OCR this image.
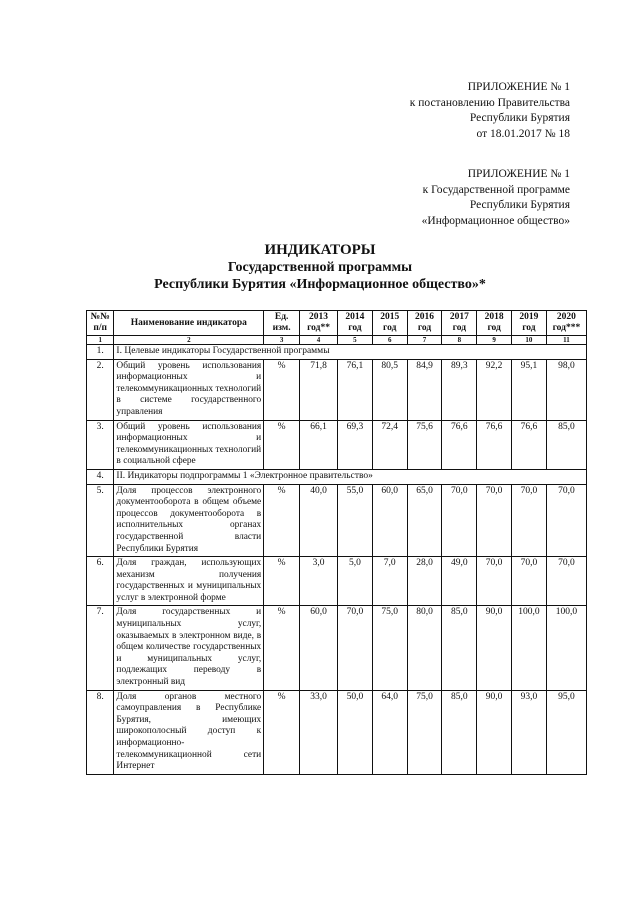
ПРИЛОЖЕНИЕ № 1
к постановлению Правительства
Республики Бурятия
от 18.01.2017 № 18
ПРИЛОЖЕНИЕ № 1
к Государственной программе
Республики Бурятия
«Информационное общество»
ИНДИКАТОРЫ
Государственной программы
Республики Бурятия «Информационное общество»*
№№ п/п	Наименование индикатора	Ед. изм.	2013 год**	2014 год	2015 год	2016 год	2017 год	2018 год	2019 год	2020 год***
1	2	3	4	5	6	7	8	9	10	11
1.	I. Целевые индикаторы Государственной программы									
2.	Общий уровень использования информационных и телекоммуникационных технологий в системе государственного управления	%	71,8	76,1	80,5	84,9	89,3	92,2	95,1	98,0
3.	Общий уровень использования информационных и телекоммуникационных технологий в социальной сфере	%	66,1	69,3	72,4	75,6	76,6	76,6	76,6	85,0
4.	II. Индикаторы подпрограммы 1 «Электронное правительство»									
5.	Доля процессов электронного документооборота в общем объеме процессов документооборота в исполнительных органах государственной власти Республики Бурятия	%	40,0	55,0	60,0	65,0	70,0	70,0	70,0	70,0
6.	Доля граждан, использующих механизм получения государственных и муниципальных услуг в электронной форме	%	3,0	5,0	7,0	28,0	49,0	70,0	70,0	70,0
7.	Доля государственных и муниципальных услуг, оказываемых в электронном виде, в общем количестве государственных и муниципальных услуг, подлежащих переводу в электронный вид	%	60,0	70,0	75,0	80,0	85,0	90,0	100,0	100,0
8.	Доля органов местного самоуправления в Республике Бурятия, имеющих широкополосный доступ к информационно-телекоммуникационной сети Интернет	%	33,0	50,0	64,0	75,0	85,0	90,0	93,0	95,0
